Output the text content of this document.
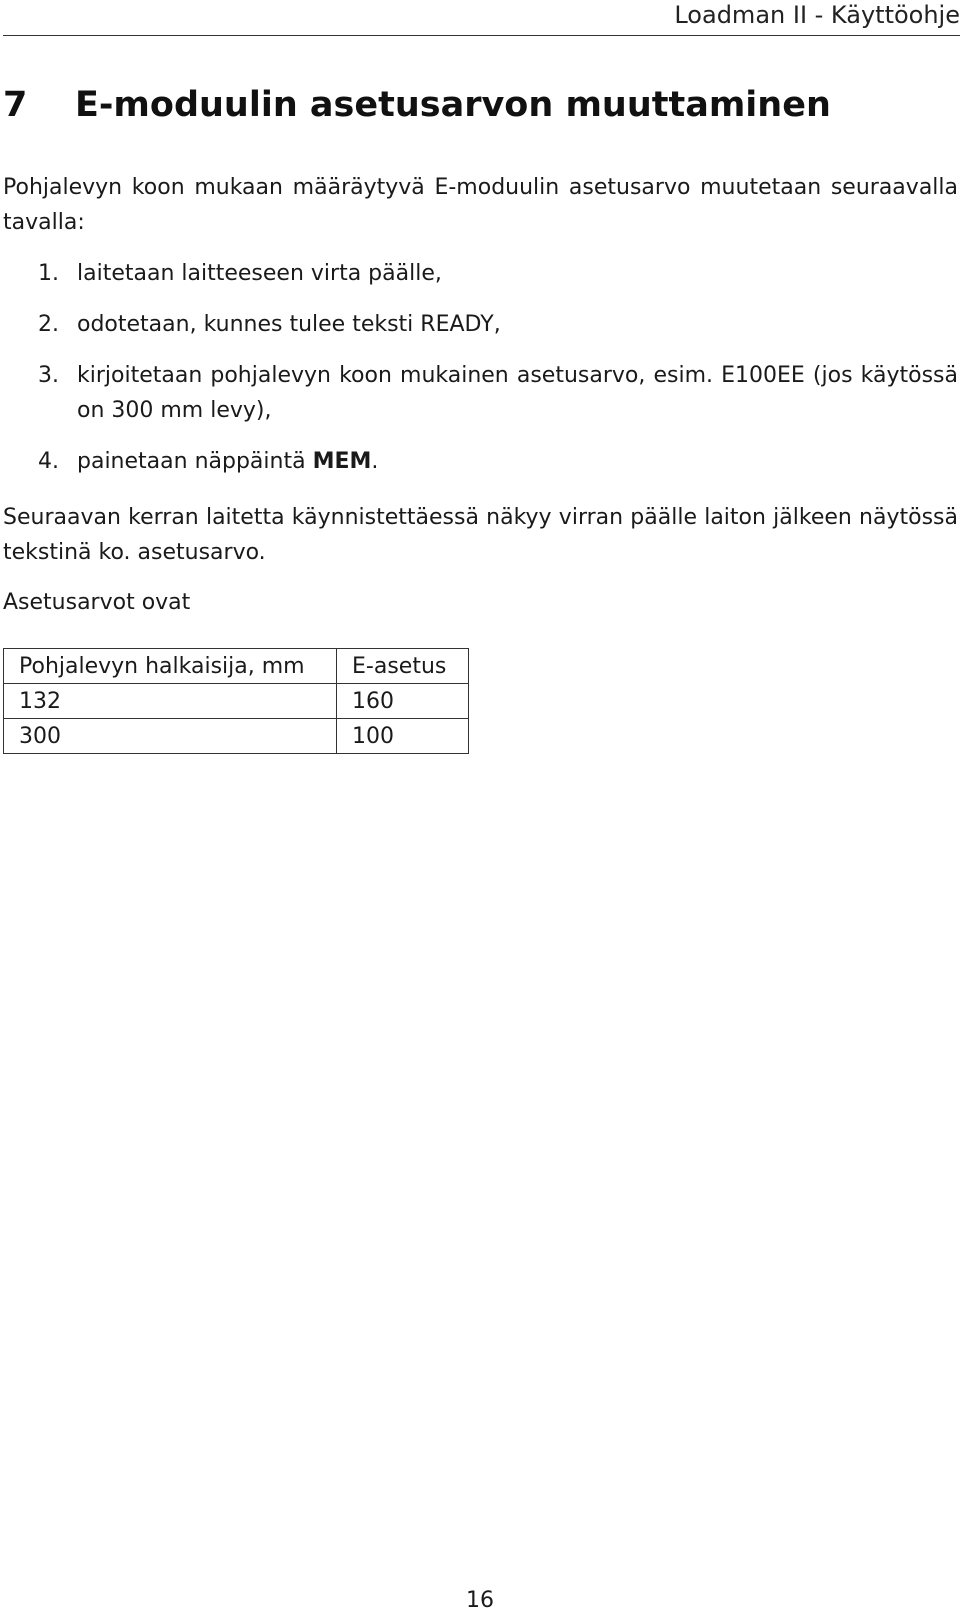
Loadman II - Käyttöohje
7 E-moduulin asetusarvon muuttaminen

Pohjalevyn koon mukaan määräytyvä E-moduulin asetusarvo muutetaan seuraavalla tavalla:

1. laitetaan laitteeseen virta päälle,
2. odotetaan, kunnes tulee teksti READY,
3. kirjoitetaan pohjalevyn koon mukainen asetusarvo, esim. E100EE (jos käytössä on 300 mm levy),
4. painetaan näppäintä MEM.

Seuraavan kerran laitetta käynnistettäessä näkyy virran päälle laiton jälkeen näytössä tekstinä ko. asetusarvo.

Asetusarvot ovat

Pohjalevyn halkaisija, mm	E-asetus
132	160
300	100
16
